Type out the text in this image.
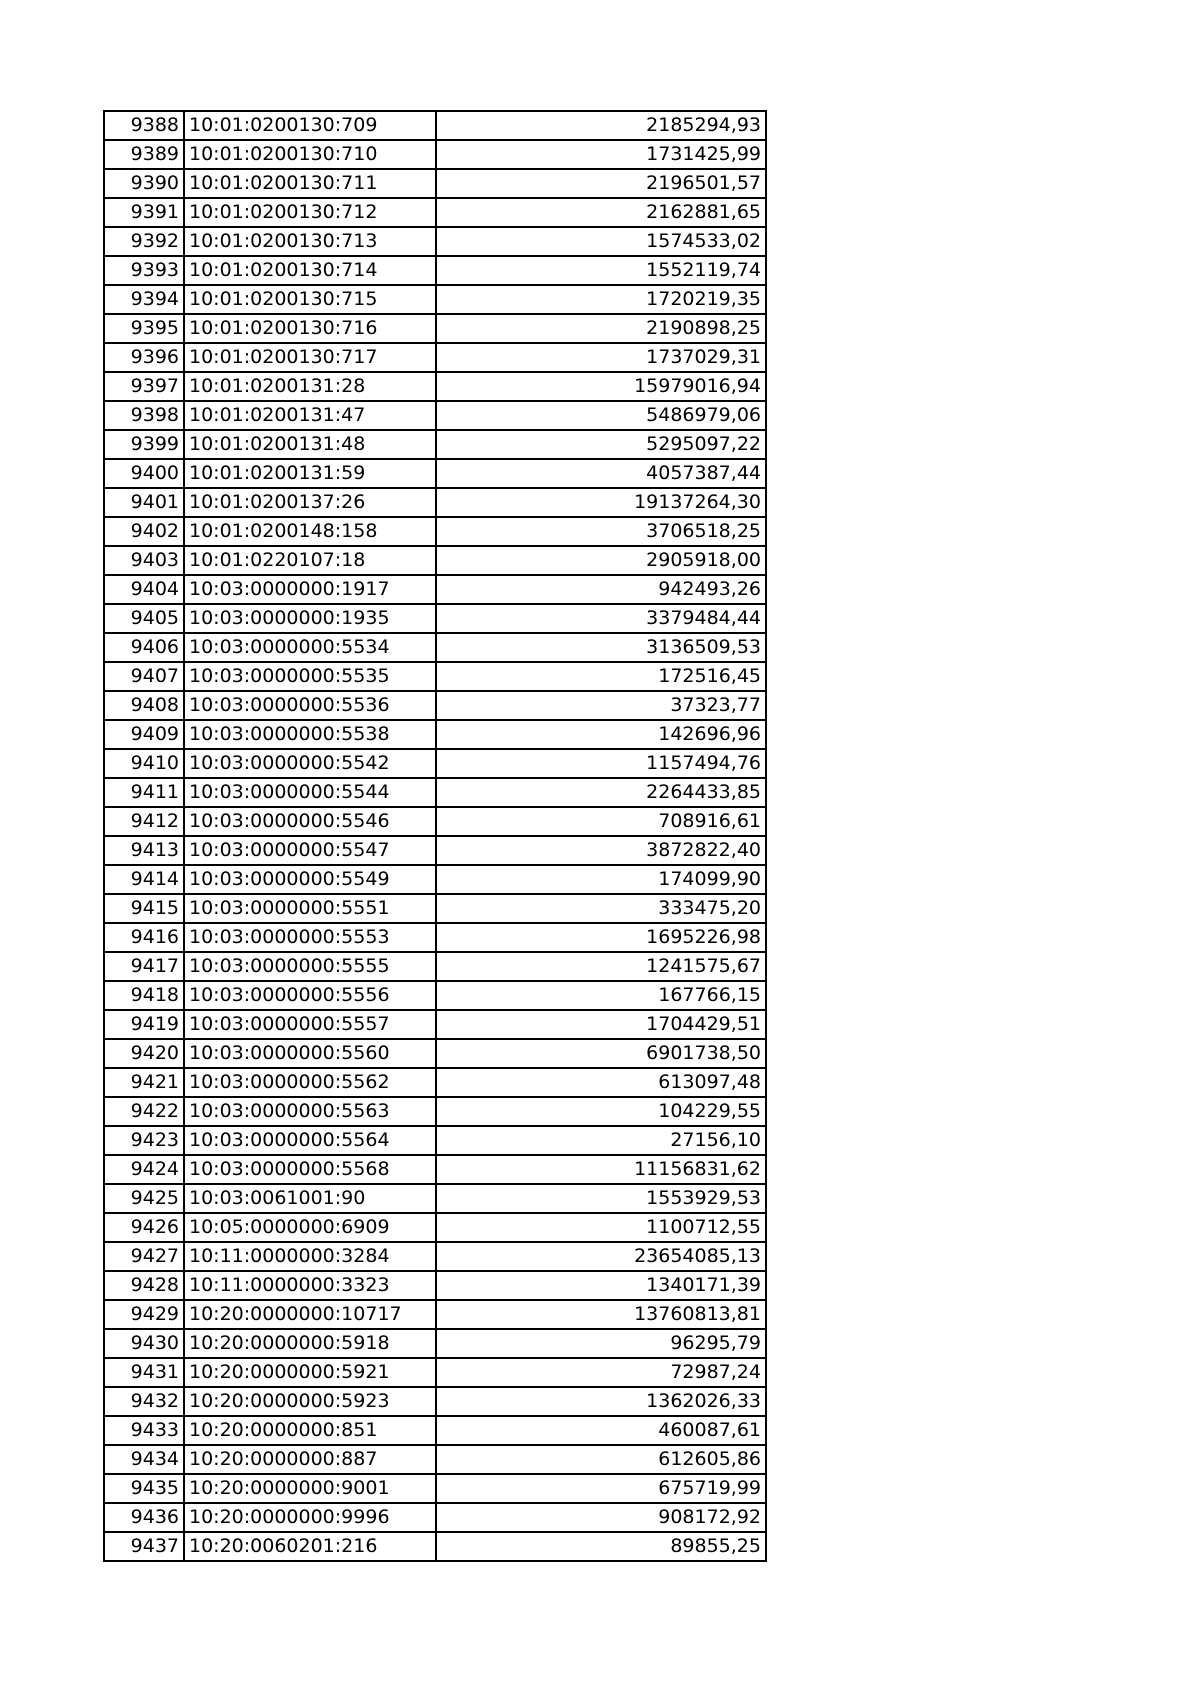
9388	10:01:0200130:709	2185294,93
9389	10:01:0200130:710	1731425,99
9390	10:01:0200130:711	2196501,57
9391	10:01:0200130:712	2162881,65
9392	10:01:0200130:713	1574533,02
9393	10:01:0200130:714	1552119,74
9394	10:01:0200130:715	1720219,35
9395	10:01:0200130:716	2190898,25
9396	10:01:0200130:717	1737029,31
9397	10:01:0200131:28	15979016,94
9398	10:01:0200131:47	5486979,06
9399	10:01:0200131:48	5295097,22
9400	10:01:0200131:59	4057387,44
9401	10:01:0200137:26	19137264,30
9402	10:01:0200148:158	3706518,25
9403	10:01:0220107:18	2905918,00
9404	10:03:0000000:1917	942493,26
9405	10:03:0000000:1935	3379484,44
9406	10:03:0000000:5534	3136509,53
9407	10:03:0000000:5535	172516,45
9408	10:03:0000000:5536	37323,77
9409	10:03:0000000:5538	142696,96
9410	10:03:0000000:5542	1157494,76
9411	10:03:0000000:5544	2264433,85
9412	10:03:0000000:5546	708916,61
9413	10:03:0000000:5547	3872822,40
9414	10:03:0000000:5549	174099,90
9415	10:03:0000000:5551	333475,20
9416	10:03:0000000:5553	1695226,98
9417	10:03:0000000:5555	1241575,67
9418	10:03:0000000:5556	167766,15
9419	10:03:0000000:5557	1704429,51
9420	10:03:0000000:5560	6901738,50
9421	10:03:0000000:5562	613097,48
9422	10:03:0000000:5563	104229,55
9423	10:03:0000000:5564	27156,10
9424	10:03:0000000:5568	11156831,62
9425	10:03:0061001:90	1553929,53
9426	10:05:0000000:6909	1100712,55
9427	10:11:0000000:3284	23654085,13
9428	10:11:0000000:3323	1340171,39
9429	10:20:0000000:10717	13760813,81
9430	10:20:0000000:5918	96295,79
9431	10:20:0000000:5921	72987,24
9432	10:20:0000000:5923	1362026,33
9433	10:20:0000000:851	460087,61
9434	10:20:0000000:887	612605,86
9435	10:20:0000000:9001	675719,99
9436	10:20:0000000:9996	908172,92
9437	10:20:0060201:216	89855,25
